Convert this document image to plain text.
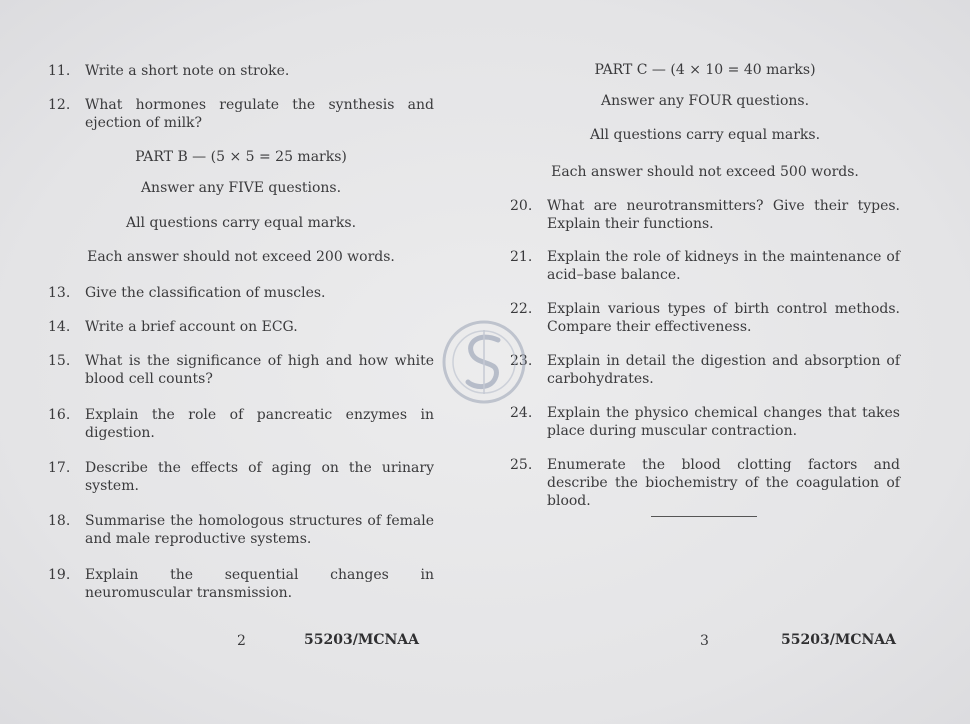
11.	Write a short note on stroke.
12.	What hormones regulate the synthesis and ejection of milk?
PART B — (5 × 5 = 25 marks)
Answer any FIVE questions.
All questions carry equal marks.
Each answer should not exceed 200 words.
13.	Give the classification of muscles.
14.	Write a brief account on ECG.
15.	What is the significance of high and how white blood cell counts?
16.	Explain the role of pancreatic enzymes in digestion.
17.	Describe the effects of aging on the urinary system.
18.	Summarise the homologous structures of female and male reproductive systems.
19.	Explain the sequential changes in neuromuscular transmission.
PART C — (4 × 10 = 40 marks)
Answer any FOUR questions.
All questions carry equal marks.
Each answer should not exceed 500 words.
20.	What are neurotransmitters? Give their types. Explain their functions.
21.	Explain the role of kidneys in the maintenance of acid–base balance.
22.	Explain various types of birth control methods. Compare their effectiveness.
23.	Explain in detail the digestion and absorption of carbohydrates.
24.	Explain the physico chemical changes that takes place during muscular contraction.
25.	Enumerate the blood clotting factors and describe the biochemistry of the coagulation of blood.
2	55203/MCNAA	3	55203/MCNAA
